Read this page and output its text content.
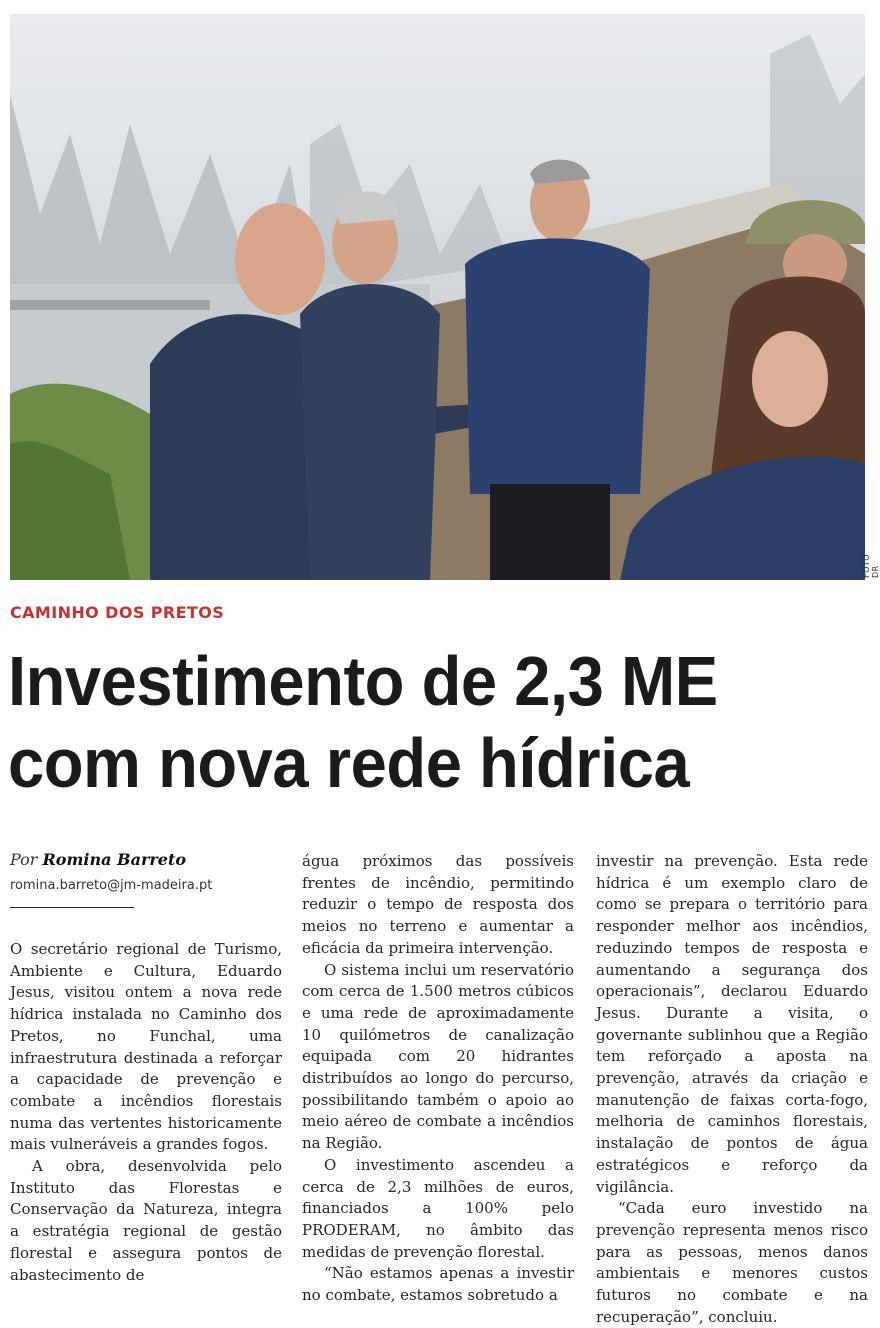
FOTO DR
CAMINHO DOS PRETOS
Investimento de 2,3 ME
com nova rede hídrica
Por Romina Barreto
romina.barreto@jm-madeira.pt

O secretário regional de Turismo, Ambiente e Cultura, Eduardo Jesus, visitou ontem a nova rede hídrica instalada no Caminho dos Pretos, no Funchal, uma infraestrutura destinada a reforçar a capacidade de prevenção e combate a incêndios florestais numa das vertentes historicamente mais vulneráveis a grandes fogos.

A obra, desenvolvida pelo Instituto das Florestas e Conservação da Natureza, integra a estratégia regional de gestão florestal e assegura pontos de abastecimento de

água próximos das possíveis frentes de incêndio, permitindo reduzir o tempo de resposta dos meios no terreno e aumentar a eficácia da primeira intervenção.

O sistema inclui um reservatório com cerca de 1.500 metros cúbicos e uma rede de aproximadamente 10 quilómetros de canalização equipada com 20 hidrantes distribuídos ao longo do percurso, possibilitando também o apoio ao meio aéreo de combate a incêndios na Região.

O investimento ascendeu a cerca de 2,3 milhões de euros, financiados a 100% pelo PRODERAM, no âmbito das medidas de prevenção florestal.

“Não estamos apenas a investir no combate, estamos sobretudo a

investir na prevenção. Esta rede hídrica é um exemplo claro de como se prepara o território para responder melhor aos incêndios, reduzindo tempos de resposta e aumentando a segurança dos operacionais”, declarou Eduardo Jesus. Durante a visita, o governante sublinhou que a Região tem reforçado a aposta na prevenção, através da criação e manutenção de faixas corta-fogo, melhoria de caminhos florestais, instalação de pontos de água estratégicos e reforço da vigilância.

“Cada euro investido na prevenção representa menos risco para as pessoas, menos danos ambientais e menores custos futuros no combate e na recuperação”, concluiu.
